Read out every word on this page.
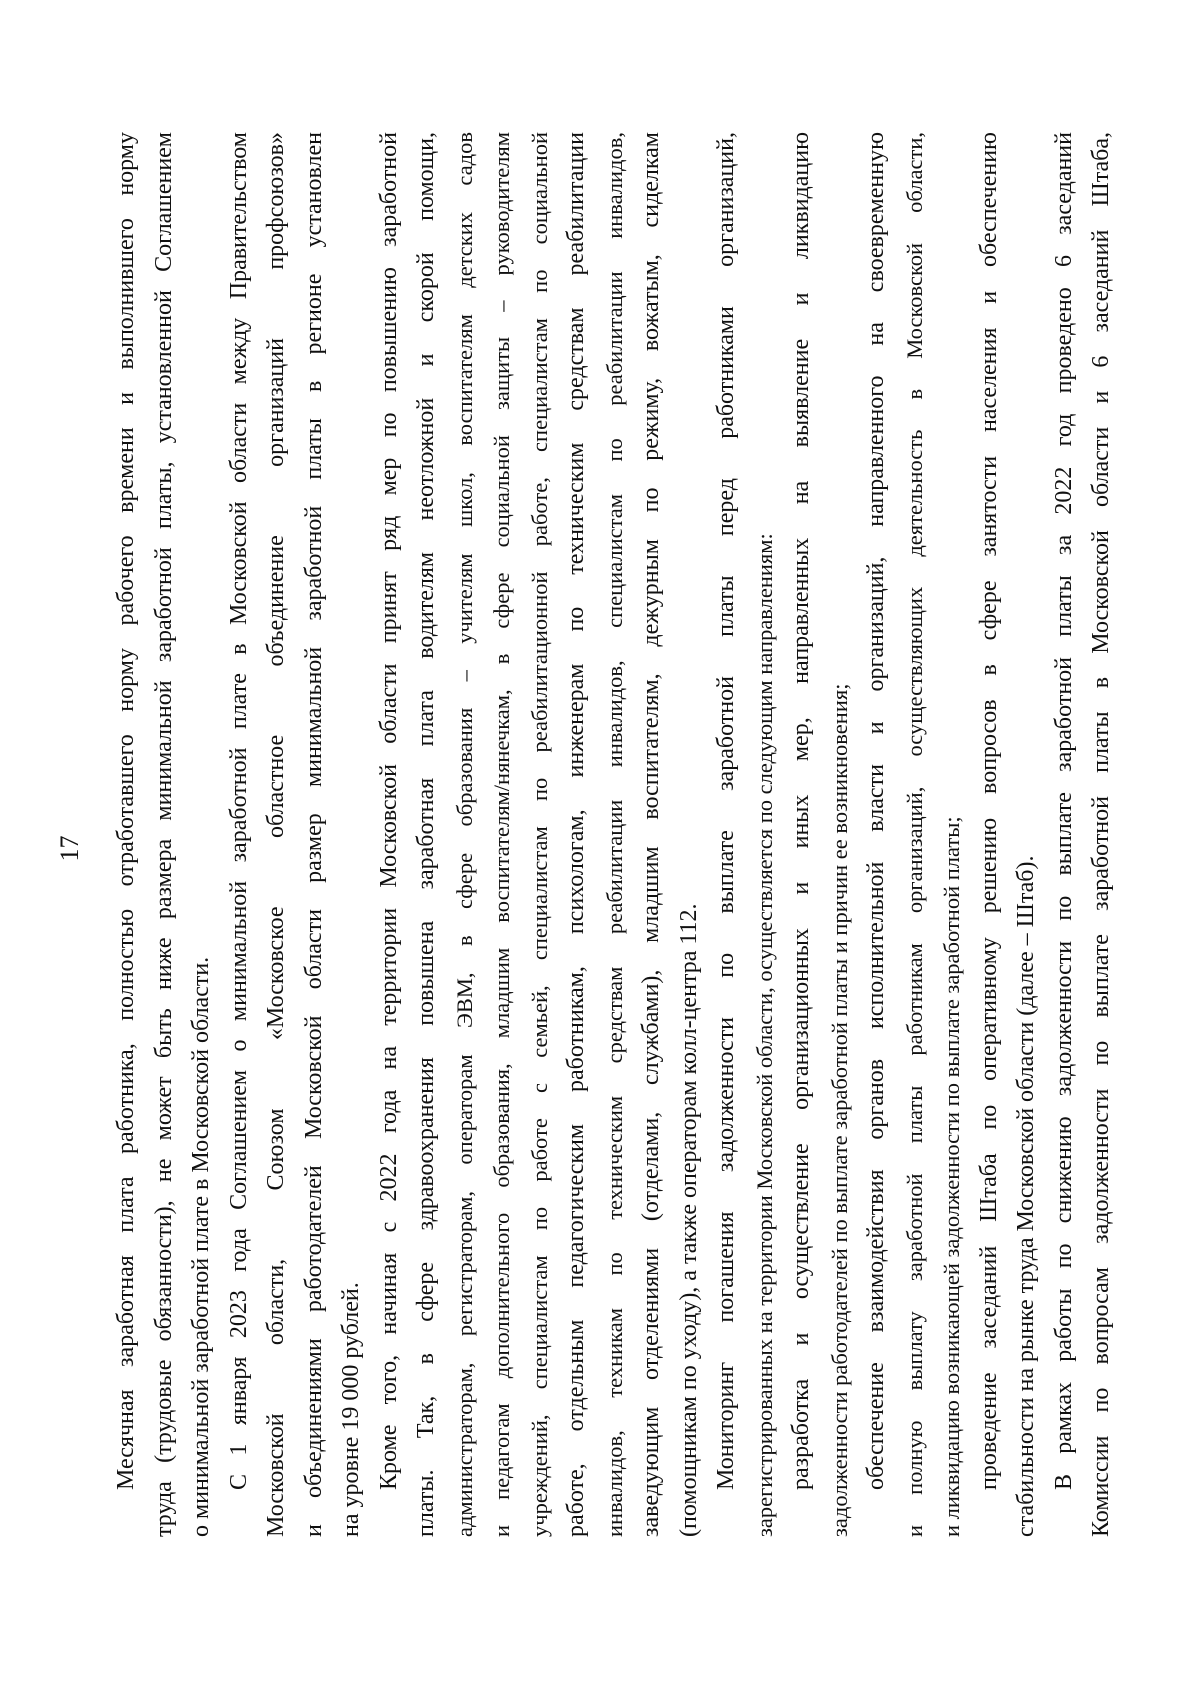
17 Месячная заработная плата работника, полностью отработавшего норму рабочего времени и выполнившего норму труда (трудовые обязанности), не может быть ниже размера минимальной заработной платы, установленной Соглашением о минимальной заработной плате в Московской области. С 1 января 2023 года Соглашением о минимальной заработной плате в Московской области между Правительством Московской области, Союзом «Московское областное объединение организаций профсоюзов» и объединениями работодателей Московской области размер минимальной заработной платы в регионе установлен на уровне 19 000 рублей. Кроме того, начиная с 2022 года на территории Московской области принят ряд мер по повышению заработной платы. Так, в сфере здравоохранения повышена заработная плата водителям неотложной и скорой помощи, администраторам, регистраторам, операторам ЭВМ, в сфере образования – учителям школ, воспитателям детских садов и педагогам дополнительного образования, младшим воспитателям/нянечкам, в сфере социальной защиты – руководителям учреждений, специалистам по работе с семьей, специалистам по реабилитационной работе, специалистам по социальной работе, отдельным педагогическим работникам, психологам, инженерам по техническим средствам реабилитации инвалидов, техникам по техническим средствам реабилитации инвалидов, специалистам по реабилитации инвалидов, заведующим отделениями (отделами, службами), младшим воспитателям, дежурным по режиму, вожатым, сиделкам (помощникам по уходу), а также операторам колл-центра 112. Мониторинг погашения задолженности по выплате заработной платы перед работниками организаций, зарегистрированных на территории Московской области, осуществляется по следующим направлениям: разработка и осуществление организационных и иных мер, направленных на выявление и ликвидацию задолженности работодателей по выплате заработной платы и причин ее возникновения; обеспечение взаимодействия органов исполнительной власти и организаций, направленного на своевременную и полную выплату заработной платы работникам организаций, осуществляющих деятельность в Московской области, и ликвидацию возникающей задолженности по выплате заработной платы; проведение заседаний Штаба по оперативному решению вопросов в сфере занятости населения и обеспечению стабильности на рынке труда Московской области (далее – Штаб). В рамках работы по снижению задолженности по выплате заработной платы за 2022 год проведено 6 заседаний Комиссии по вопросам задолженности по выплате заработной платы в Московской области и 6 заседаний Штаба,
